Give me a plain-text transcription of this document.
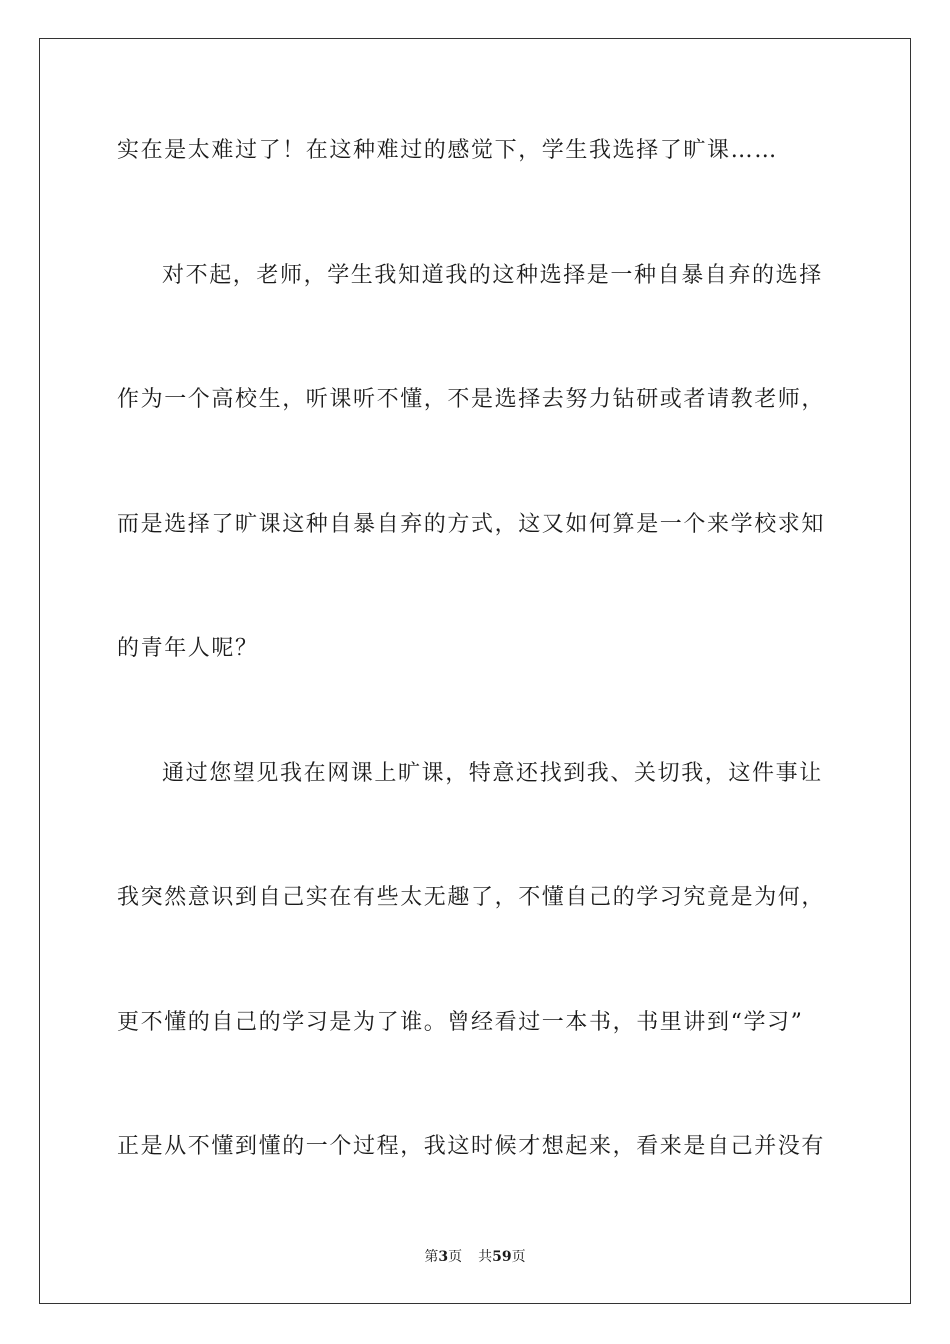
实在是太难过了！在这种难过的感觉下，学生我选择了旷课……
对不起，老师，学生我知道我的这种选择是一种自暴自弃的选择
作为一个高校生，听课听不懂，不是选择去努力钻研或者请教老师，
而是选择了旷课这种自暴自弃的方式，这又如何算是一个来学校求知
的青年人呢？
通过您望见我在网课上旷课，特意还找到我、关切我，这件事让
我突然意识到自己实在有些太无趣了，不懂自己的学习究竟是为何，
更不懂的自己的学习是为了谁。曾经看过一本书，书里讲到“学习”
正是从不懂到懂的一个过程，我这时候才想起来，看来是自己并没有
第3页 共59页
